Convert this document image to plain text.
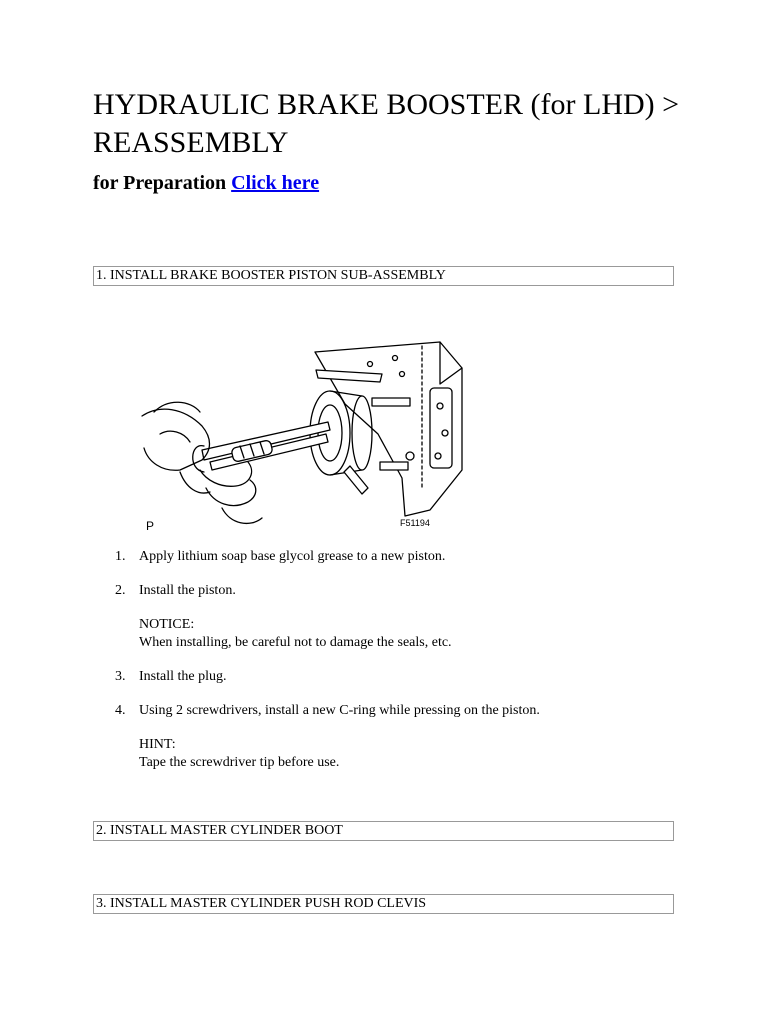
HYDRAULIC BRAKE BOOSTER (for LHD) > REASSEMBLY

for Preparation Click here

1. INSTALL BRAKE BOOSTER PISTON SUB-ASSEMBLY
P	F51194
1. Apply lithium soap base glycol grease to a new piston.
2. Install the piston.
NOTICE:
When installing, be careful not to damage the seals, etc.
3. Install the plug.
4. Using 2 screwdrivers, install a new C-ring while pressing on the piston.
HINT:
Tape the screwdriver tip before use.
2. INSTALL MASTER CYLINDER BOOT
3. INSTALL MASTER CYLINDER PUSH ROD CLEVIS
